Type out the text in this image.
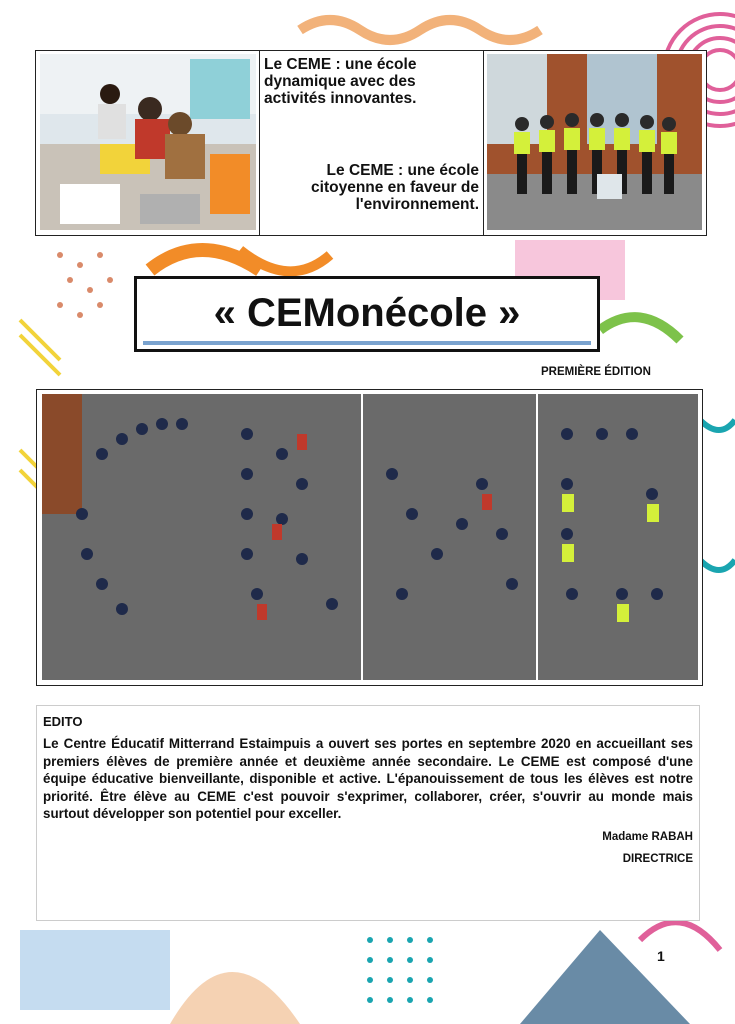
Le CEME : une école dynamique avec des activités innovantes.
Le CEME : une école citoyenne en faveur de l'environnement.
« CEMonécole »
PREMIÈRE ÉDITION
EDITO
Le Centre Éducatif Mitterrand Estaimpuis a ouvert ses portes en septembre 2020 en accueillant ses premiers élèves de première année et deuxième année secondaire. Le CEME est composé d'une équipe éducative bienveillante, disponible et active. L'épanouissement de tous les élèves est notre priorité. Être élève au CEME c'est pouvoir s'exprimer, collaborer, créer, s'ouvrir au monde mais surtout développer son potentiel pour exceller.
Madame RABAH
DIRECTRICE
1
